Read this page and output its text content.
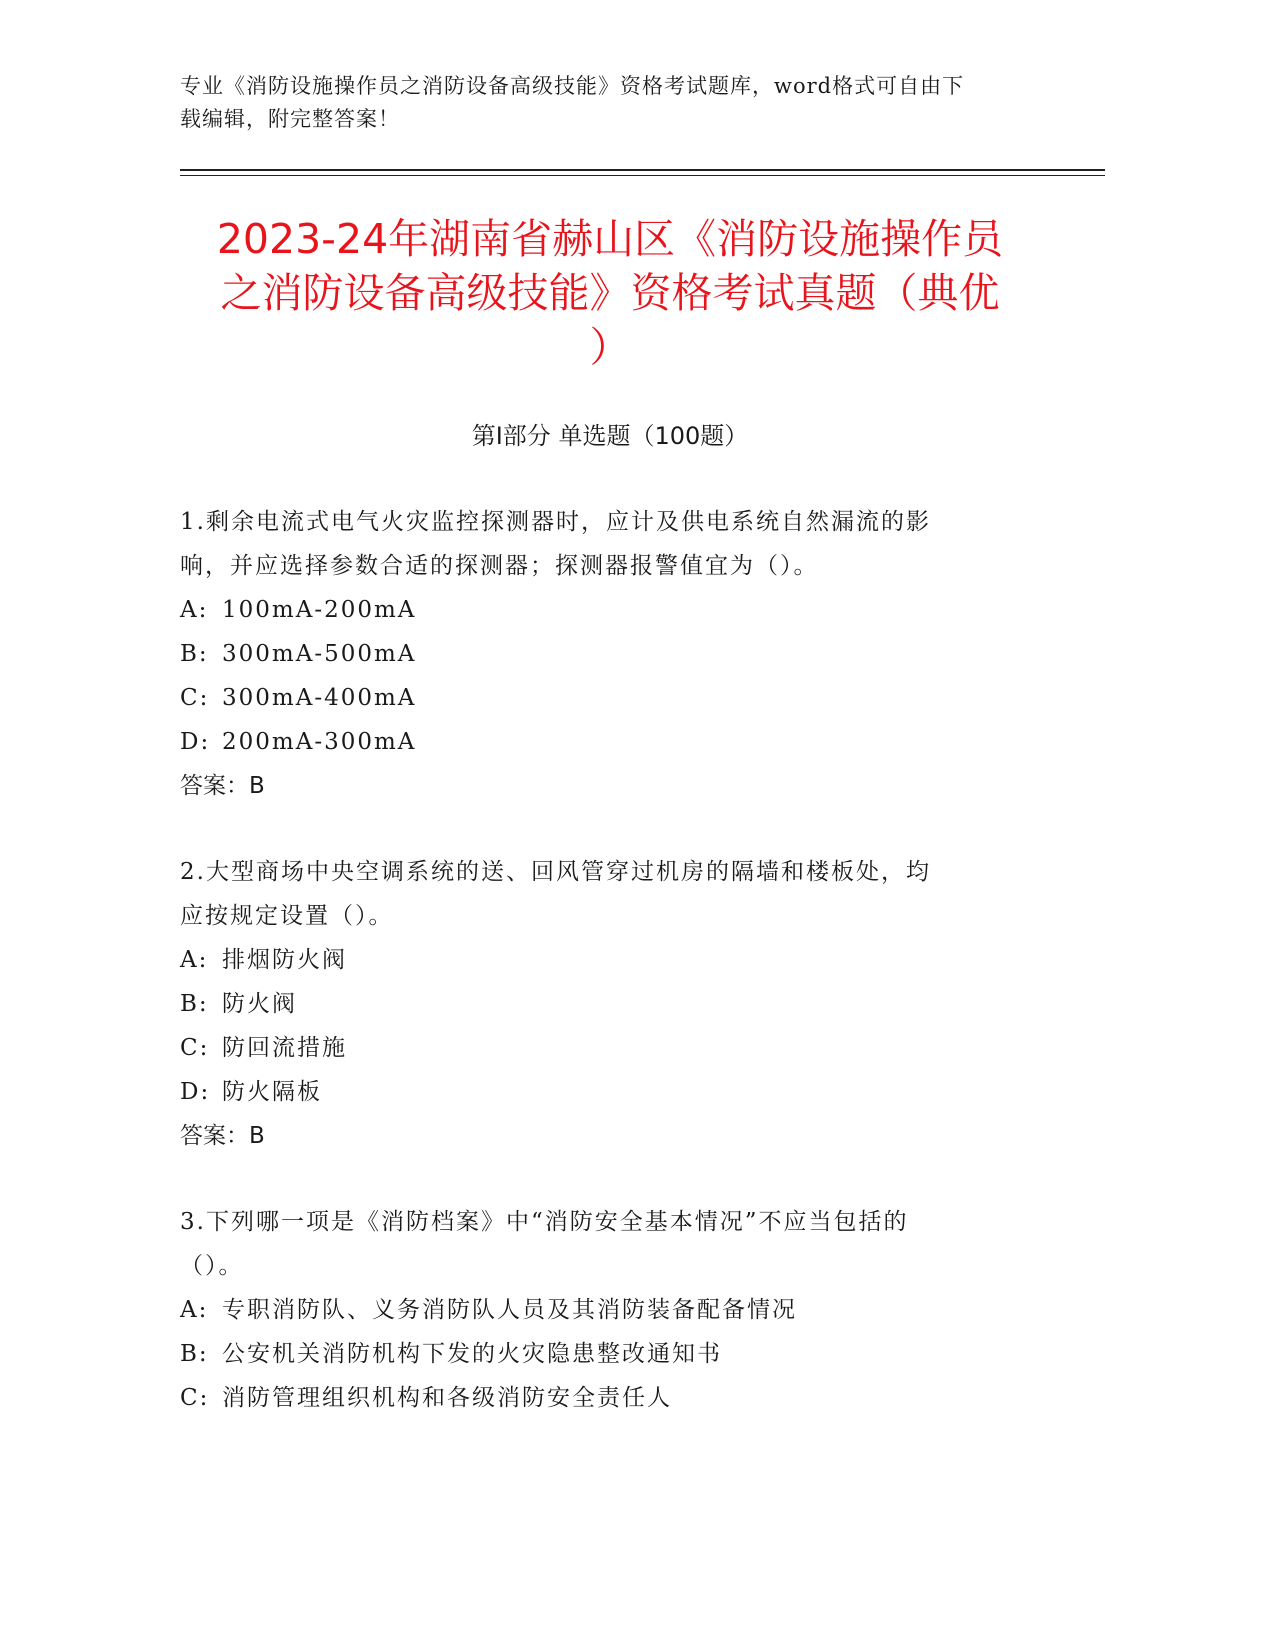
专业《消防设施操作员之消防设备高级技能》资格考试题库，word格式可自由下
载编辑，附完整答案！
2023-24年湖南省赫山区《消防设施操作员
之消防设备高级技能》资格考试真题（典优
）
第I部分 单选题（100题）

1.剩余电流式电气火灾监控探测器时，应计及供电系统自然漏流的影

响，并应选择参数合适的探测器；探测器报警值宜为（）。

A: 100mA-200mA

B: 300mA-500mA

C: 300mA-400mA

D: 200mA-300mA

答案：B

2.大型商场中央空调系统的送、回风管穿过机房的隔墙和楼板处，均

应按规定设置（）。

A: 排烟防火阀

B: 防火阀

C: 防回流措施

D: 防火隔板

答案：B

3.下列哪一项是《消防档案》中“消防安全基本情况”不应当包括的

（）。

A: 专职消防队、义务消防队人员及其消防装备配备情况

B: 公安机关消防机构下发的火灾隐患整改通知书

C: 消防管理组织机构和各级消防安全责任人
